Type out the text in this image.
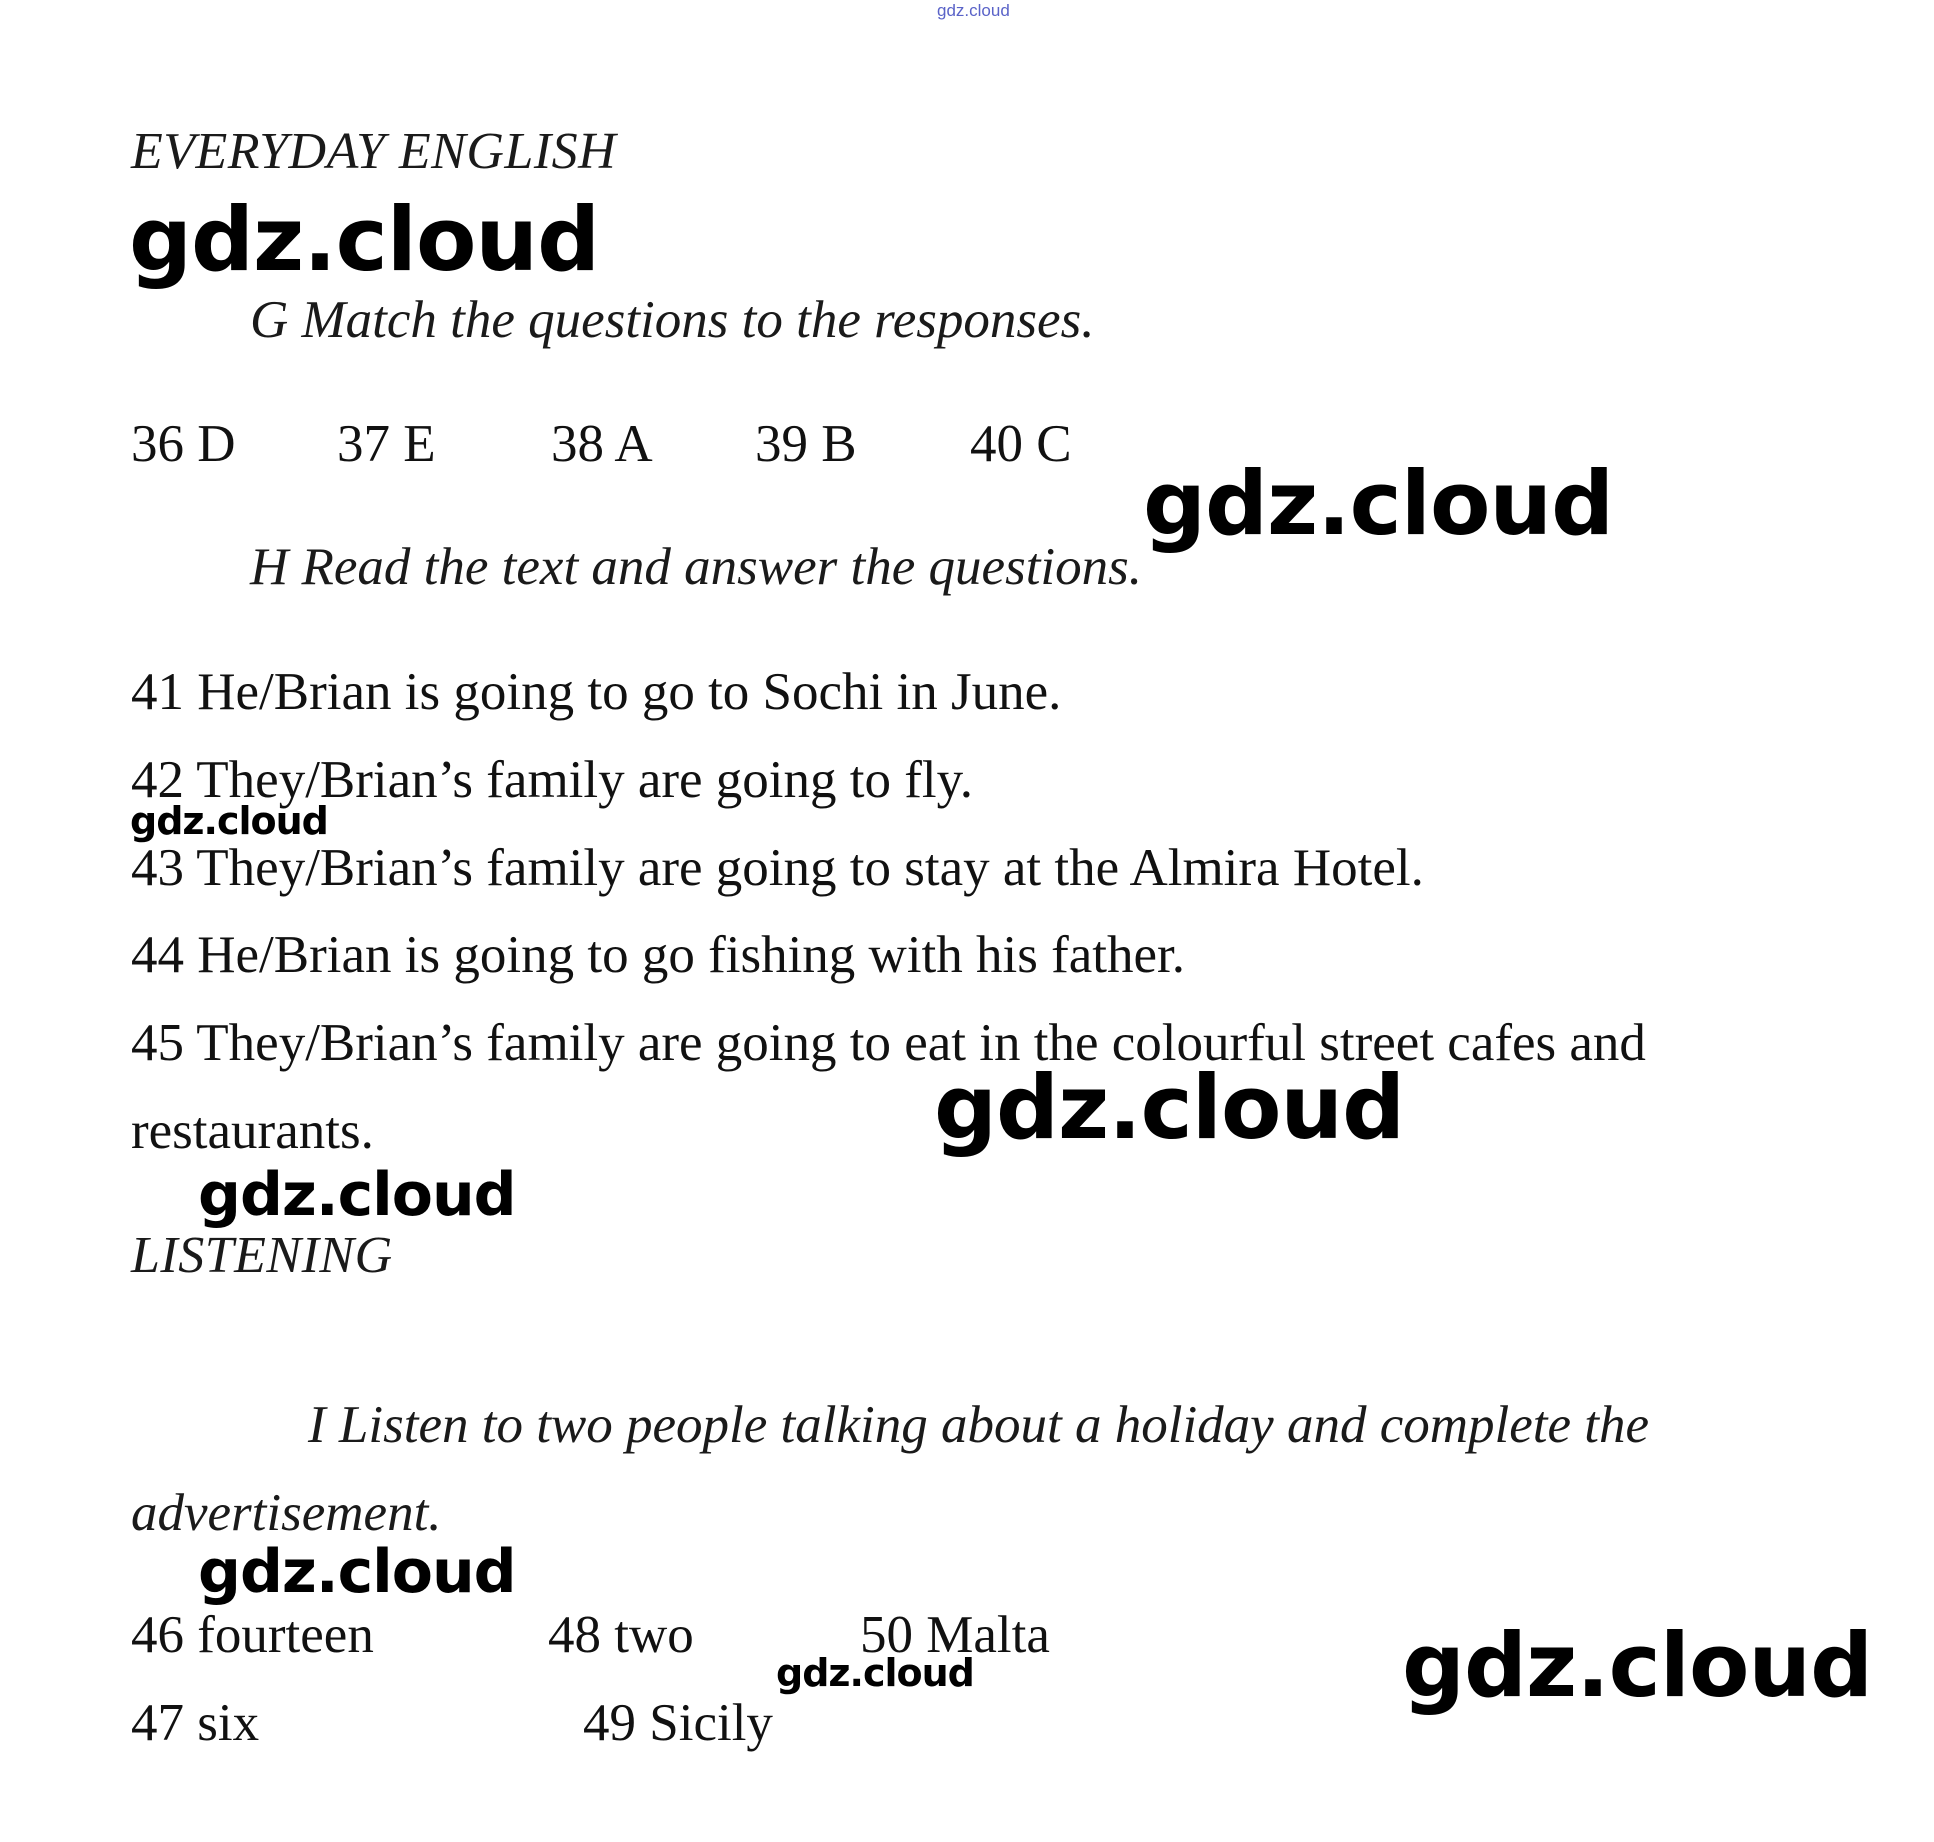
gdz.cloud
EVERYDAY ENGLISH
gdz.cloud
G Match the questions to the responses.
36 D 37 E 38 A 39 B 40 C
H Read the text and answer the questions.
gdz.cloud
41 He/Brian is going to go to Sochi in June.
42 They/Brian’s family are going to fly.
gdz.cloud
43 They/Brian’s family are going to stay at the Almira Hotel.
44 He/Brian is going to go fishing with his father.
45 They/Brian’s family are going to eat in the colourful street cafes and
restaurants.	gdz.cloud
gdz.cloud
LISTENING
I Listen to two people talking about a holiday and complete the
advertisement.
gdz.cloud
46 fourteen	48 two	50 Malta
gdz.cloud
47 six	49 Sicily
gdz.cloud
